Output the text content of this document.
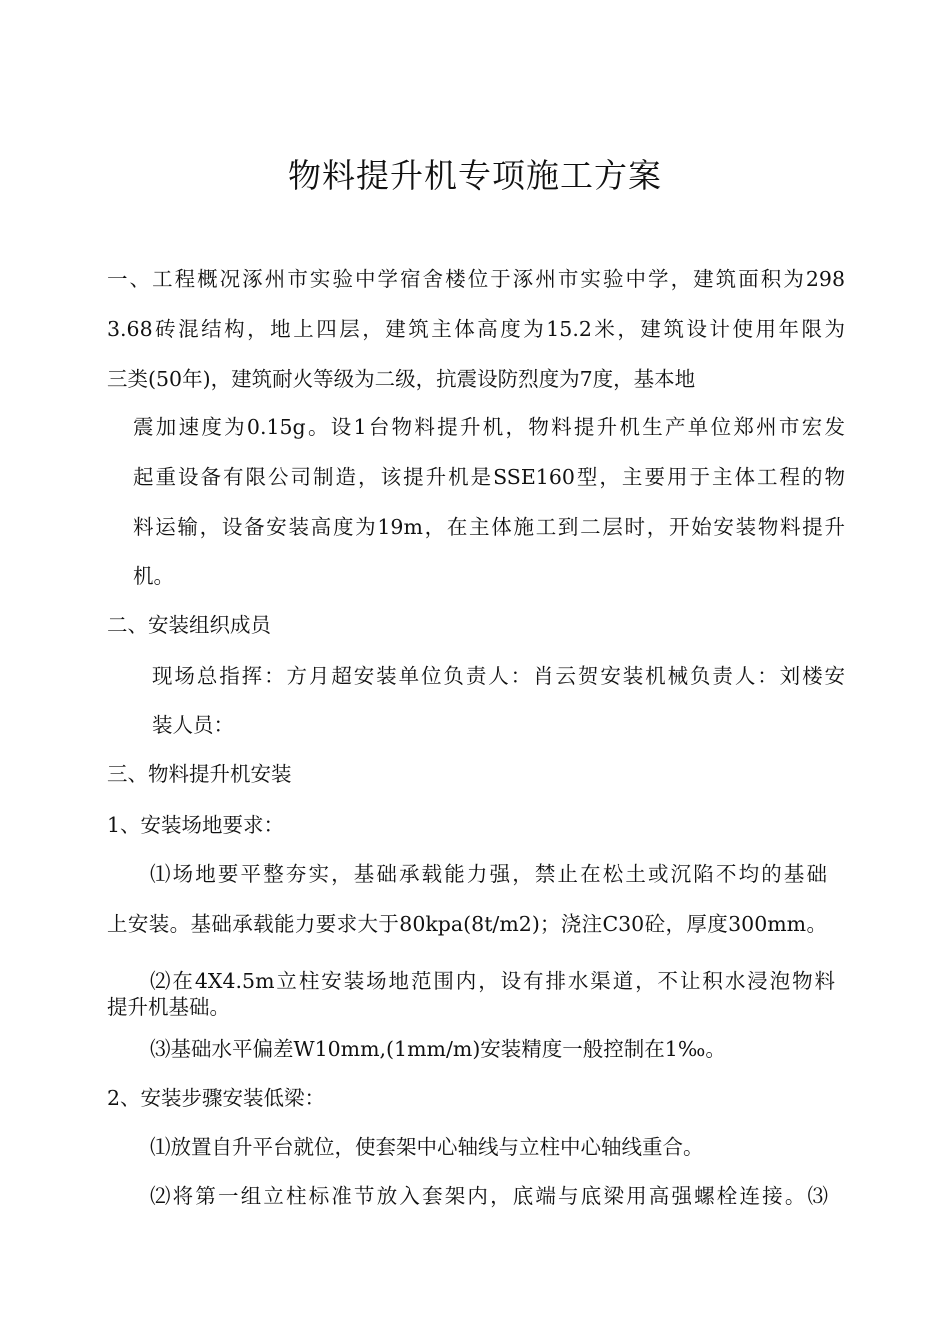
物料提升机专项施工方案
一、工程概况涿州市实验中学宿舍楼位于涿州市实验中学，建筑面积为298
3.68砖混结构，地上四层，建筑主体高度为15.2米，建筑设计使用年限为
三类(50年)，建筑耐火等级为二级，抗震设防烈度为7度，基本地
震加速度为0.15g。设1台物料提升机，物料提升机生产单位郑州市宏发
起重设备有限公司制造，该提升机是SSE160型，主要用于主体工程的物
料运输，设备安装高度为19m，在主体施工到二层时，开始安装物料提升
机。
二、安装组织成员
现场总指挥：方月超安装单位负责人：肖云贺安装机械负责人：刘楼安
装人员：
三、物料提升机安装
1、安装场地要求：
⑴场地要平整夯实，基础承载能力强，禁止在松土或沉陷不均的基础
上安装。基础承载能力要求大于80kpa(8t/m2)；浇注C30砼，厚度300mm。
⑵在4X4.5m立柱安装场地范围内，设有排水渠道，不让积水浸泡物料
提升机基础。
⑶基础水平偏差W10mm,(1mm/m)安装精度一般控制在1‰。
2、安装步骤安装低梁：
⑴放置自升平台就位，使套架中心轴线与立柱中心轴线重合。
⑵将第一组立柱标准节放入套架内，底端与底梁用高强螺栓连接。⑶
